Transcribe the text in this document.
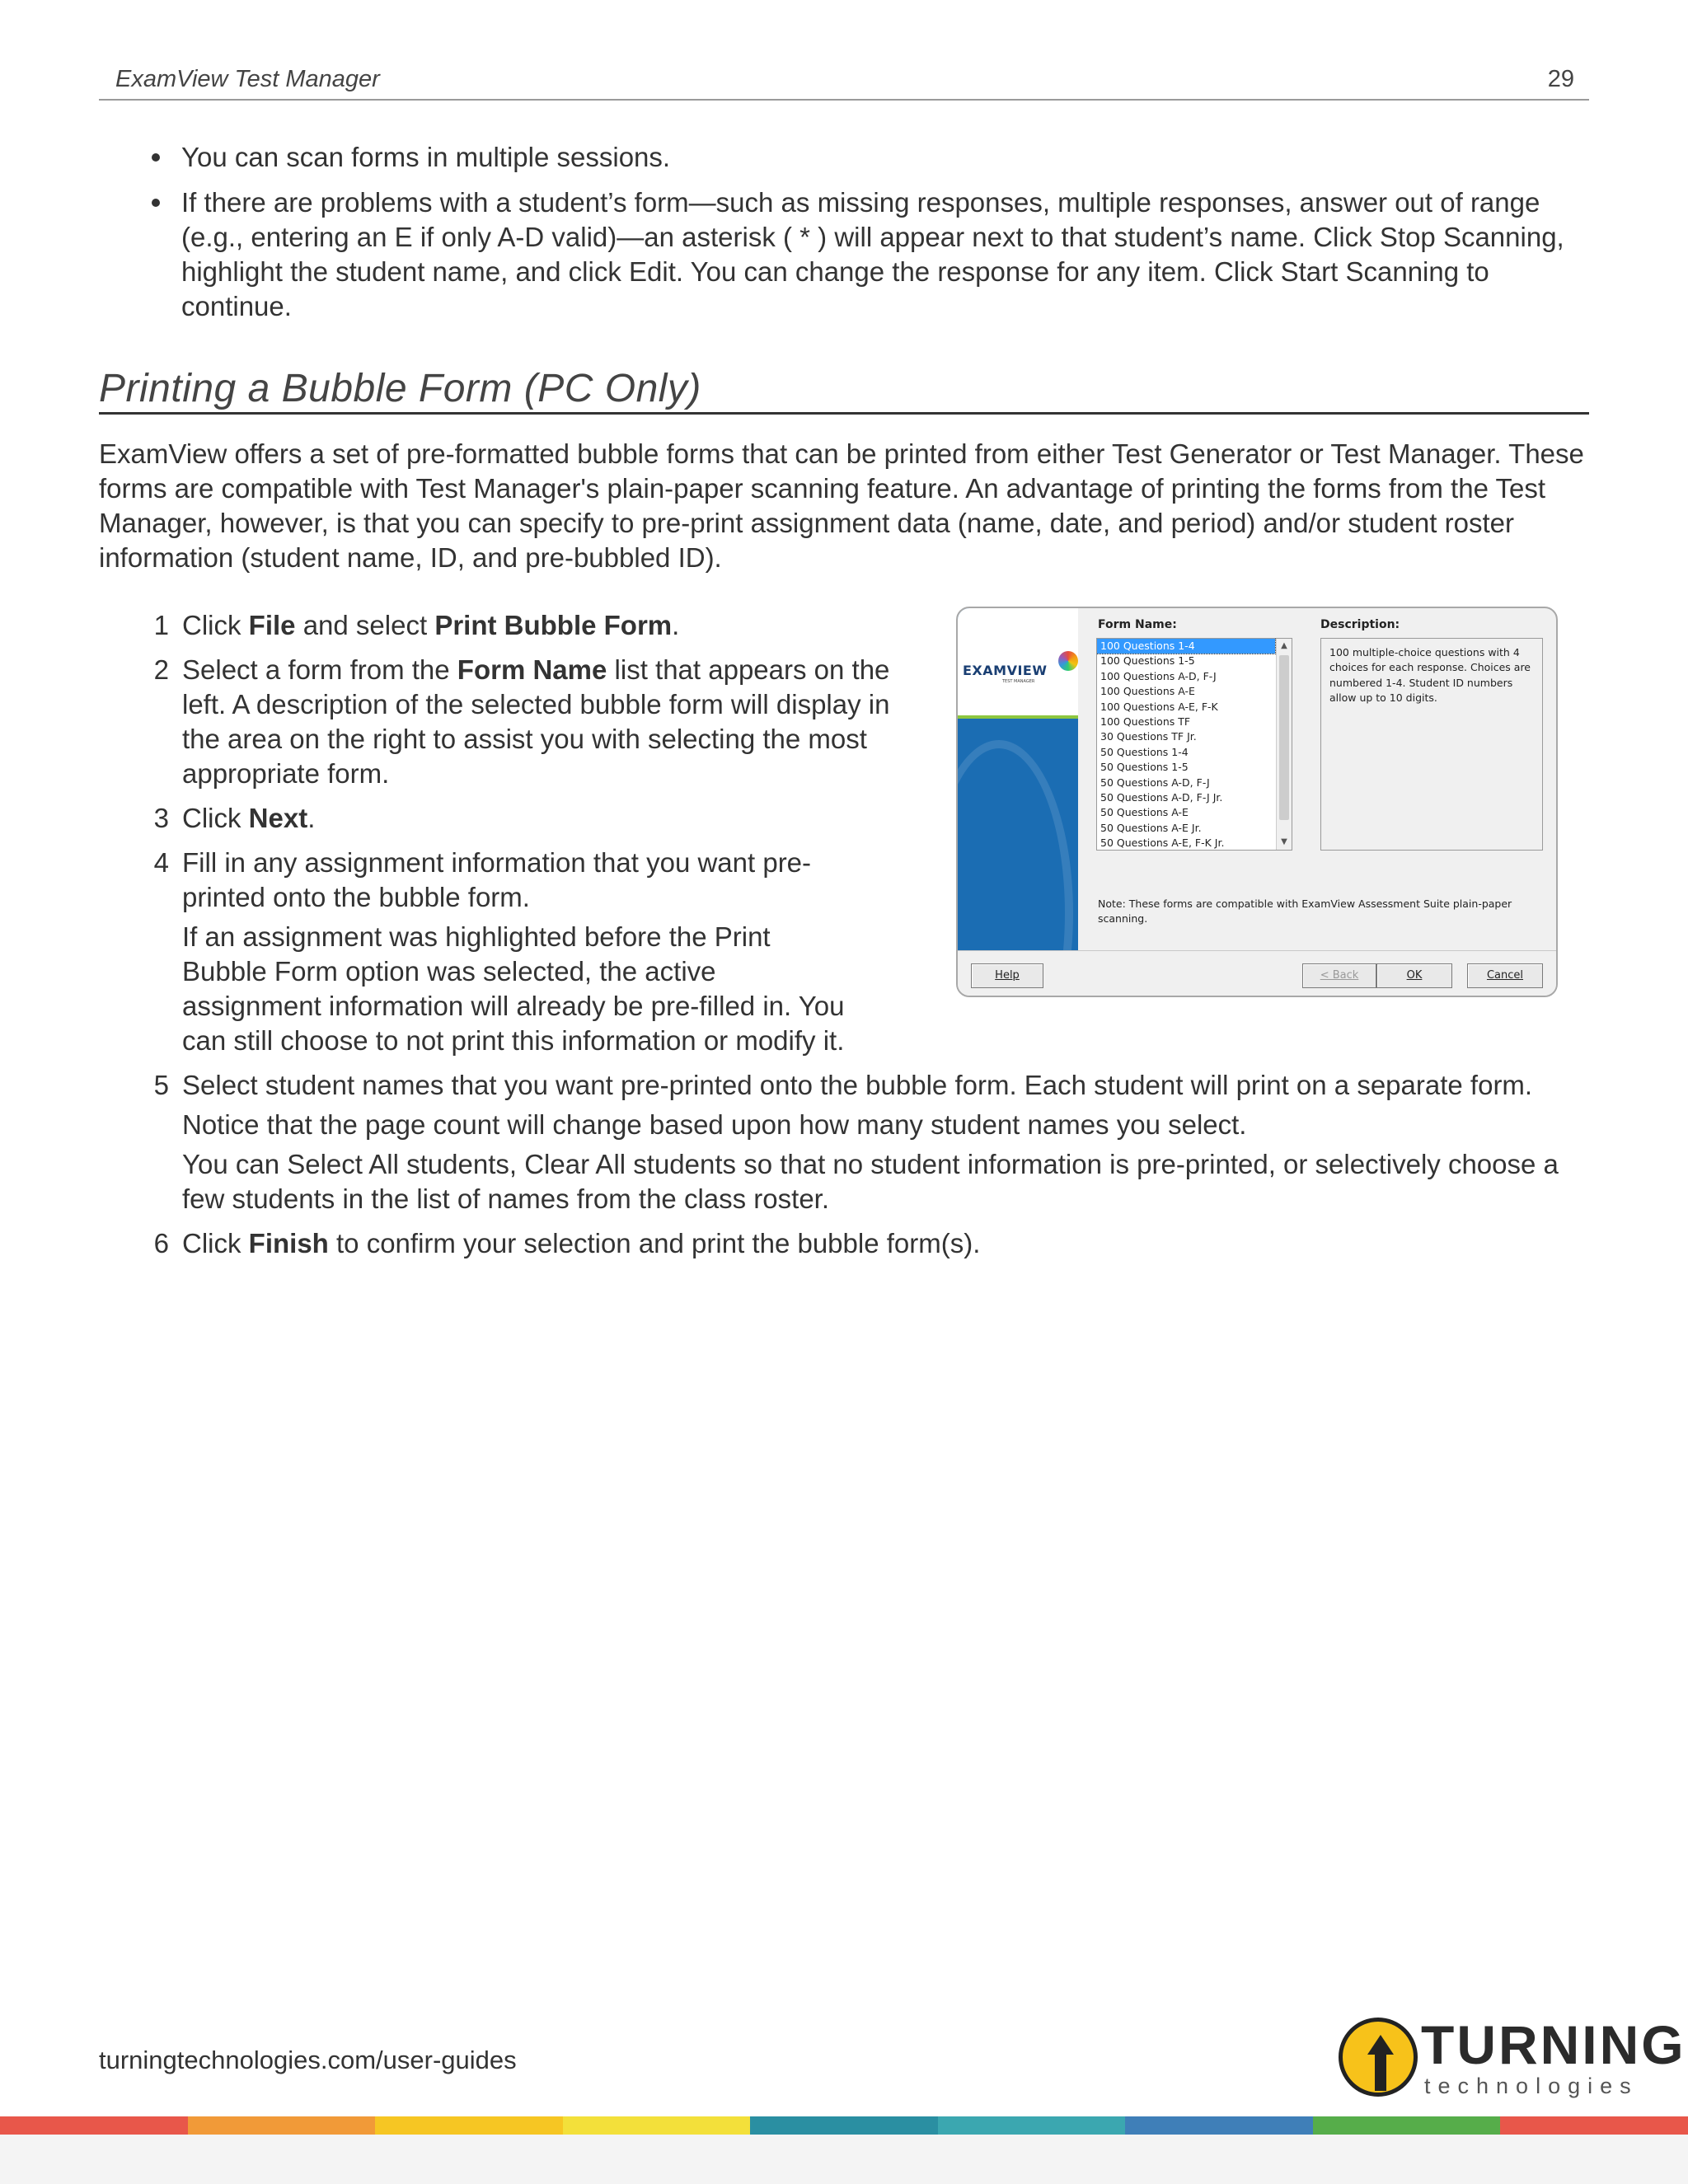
ExamView Test Manager	29
You can scan forms in multiple sessions.
If there are problems with a student’s form—such as missing responses, multiple responses, answer out of range (e.g., entering an E if only A-D valid)—an asterisk ( * ) will appear next to that student’s name. Click Stop Scanning, highlight the student name, and click Edit. You can change the response for any item. Click Start Scanning to continue.
Printing a Bubble Form (PC Only)
ExamView offers a set of pre-formatted bubble forms that can be printed from either Test Generator or Test Manager. These forms are compatible with Test Manager's plain-paper scanning feature. An advantage of printing the forms from the Test Manager, however, is that you can specify to pre-print assignment data (name, date, and period) and/or student roster information (student name, ID, and pre-bubbled ID).
1 Click File and select Print Bubble Form.
2 Select a form from the Form Name list that appears on the left. A description of the selected bubble form will display in the area on the right to assist you with selecting the most appropriate form.
3 Click Next.
4 Fill in any assignment information that you want pre-printed onto the bubble form.
If an assignment was highlighted before the Print Bubble Form option was selected, the active assignment information will already be pre-filled in. You can still choose to not print this information or modify it.
5 Select student names that you want pre-printed onto the bubble form. Each student will print on a separate form.
Notice that the page count will change based upon how many student names you select.
You can Select All students, Clear All students so that no student information is pre-printed, or selectively choose a few students in the list of names from the class roster.
6 Click Finish to confirm your selection and print the bubble form(s).
EXAMVIEW
TEST MANAGER
Form Name:	Description:
100 Questions 1-4
100 Questions 1-5
100 Questions A-D, F-J
100 Questions A-E
100 Questions A-E, F-K
100 Questions TF
30 Questions TF Jr.
50 Questions 1-4
50 Questions 1-5
50 Questions A-D, F-J
50 Questions A-D, F-J Jr.
50 Questions A-E
50 Questions A-E Jr.
50 Questions A-E, F-K Jr.
▲
▼
100 multiple-choice questions with 4 choices for each response. Choices are numbered 1-4. Student ID numbers allow up to 10 digits.
Note: These forms are compatible with ExamView Assessment Suite plain-paper scanning.
Help	< Back	OK	Cancel
turningtechnologies.com/user-guides	TURNING
technologies
